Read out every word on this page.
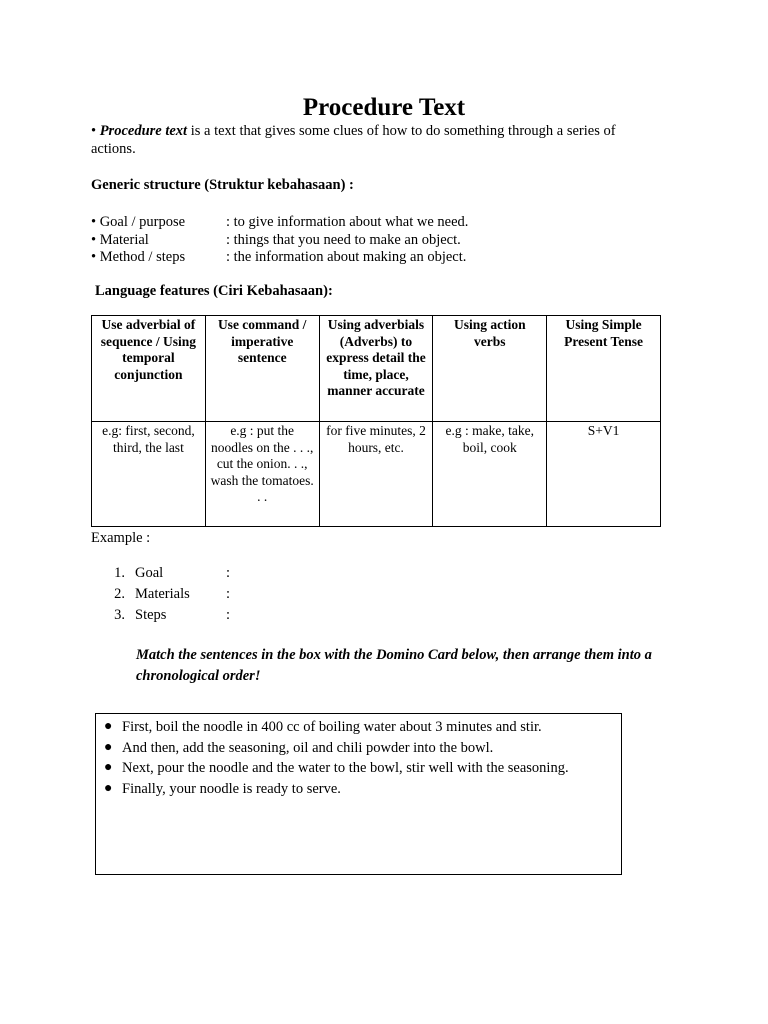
Procedure Text
• Procedure text is a text that gives some clues of how to do something through a series of actions.
Generic structure (Struktur kebahasaan) :
• Goal / purpose	: to give information about what we need.
• Material	: things that you need to make an object.
• Method / steps	: the information about making an object.
Language features (Ciri Kebahasaan):
Use adverbial of sequence / Using temporal conjunction	Use command / imperative sentence	Using adverbials (Adverbs) to express detail the time, place, manner accurate	Using action verbs	Using Simple Present Tense
e.g: first, second, third, the last	e.g : put the noodles on the . . ., cut the onion. . ., wash the tomatoes. . .	for five minutes, 2 hours, etc.	e.g : make, take, boil, cook	S+V1
Example :
1. Goal	:
2. Materials :
3. Steps	:
Match the sentences in the box with the Domino Card below, then arrange them into a chronological order!
● First, boil the noodle in 400 cc of boiling water about 3 minutes and stir.
● And then, add the seasoning, oil and chili powder into the bowl.
● Next, pour the noodle and the water to the bowl, stir well with the seasoning.
● Finally, your noodle is ready to serve.
